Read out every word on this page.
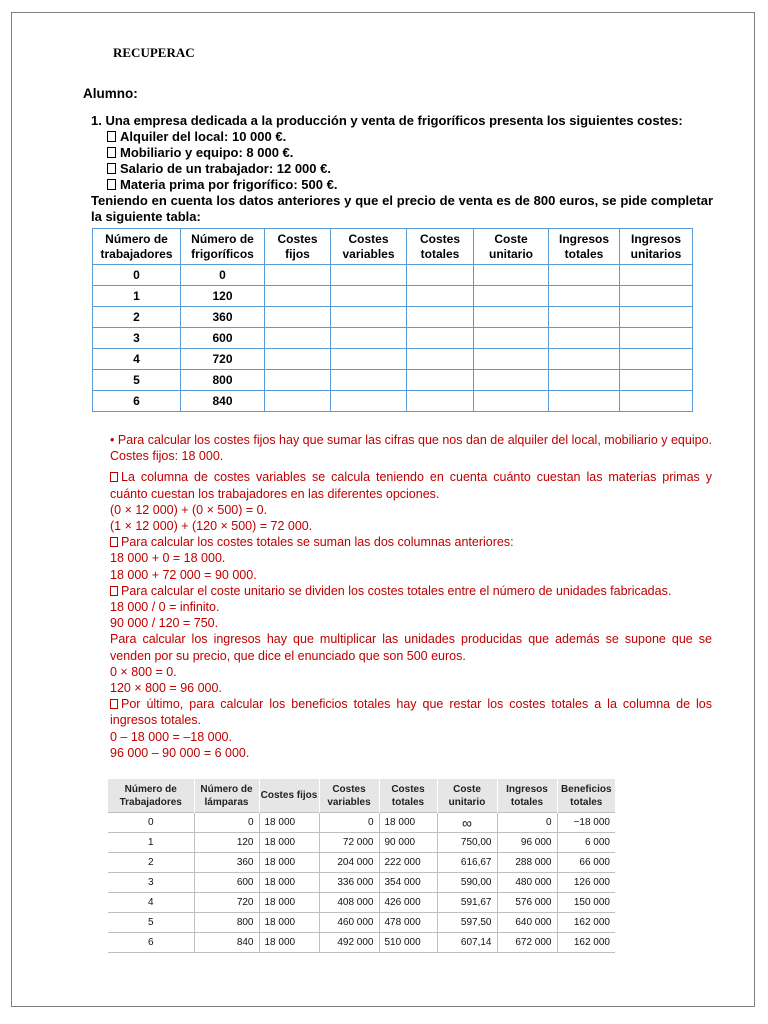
RECUPERAC
Alumno:
1. Una empresa dedicada a la producción y venta de frigoríficos presenta los siguientes costes:
Alquiler del local: 10 000 €.
Mobiliario y equipo: 8 000 €.
Salario de un trabajador: 12 000 €.
Materia prima por frigorífico: 500 €.
Teniendo en cuenta los datos anteriores y que el precio de venta es de 800 euros, se pide completar la siguiente tabla:
Número de trabajadores	Número de frigoríficos	Costes fijos	Costes variables	Costes totales	Coste unitario	Ingresos totales	Ingresos unitarios
0	0						
1	120						
2	360						
3	600						
4	720						
5	800						
6	840						
• Para calcular los costes fijos hay que sumar las cifras que nos dan de alquiler del local, mobiliario y equipo. Costes fijos: 18 000.
La columna de costes variables se calcula teniendo en cuenta cuánto cuestan las materias primas y cuánto cuestan los trabajadores en las diferentes opciones.
(0 × 12 000) + (0 × 500) = 0.
(1 × 12 000) + (120 × 500) = 72 000.
Para calcular los costes totales se suman las dos columnas anteriores:
18 000 + 0 = 18 000.
18 000 + 72 000 = 90 000.
Para calcular el coste unitario se dividen los costes totales entre el número de unidades fabricadas.
18 000 / 0 = infinito.
90 000 / 120 = 750.
Para calcular los ingresos hay que multiplicar las unidades producidas que además se supone que se venden por su precio, que dice el enunciado que son 500 euros.
0 × 800 = 0.
120 × 800 = 96 000.
Por último, para calcular los beneficios totales hay que restar los costes totales a la columna de los ingresos totales.
0 – 18 000 = –18 000.
96 000 – 90 000 = 6 000.
Número de Trabajadores	Número de lámparas	Costes fijos	Costes variables	Costes totales	Coste unitario	Ingresos totales	Beneficios totales
0	0	18 000	0	18 000	∞	0	−18 000
1	120	18 000	72 000	90 000	750,00	96 000	6 000
2	360	18 000	204 000	222 000	616,67	288 000	66 000
3	600	18 000	336 000	354 000	590,00	480 000	126 000
4	720	18 000	408 000	426 000	591,67	576 000	150 000
5	800	18 000	460 000	478 000	597,50	640 000	162 000
6	840	18 000	492 000	510 000	607,14	672 000	162 000
